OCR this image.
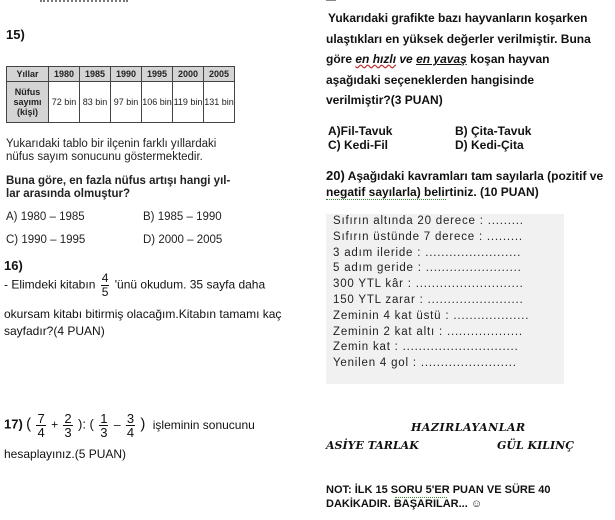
15)
Yıllar	1980	1985	1990	1995	2000	2005
Nüfus sayımı (kişi)	72 bin	83 bin	97 bin	106 bin	119 bin	131 bin
Yukarıdaki tablo bir ilçenin farklı yıllardaki
nüfus sayım sonucunu göstermektedir.
Buna göre, en fazla nüfus artışı hangi yıl-
lar arasında olmuştur?
A) 1980 – 1985	B) 1985 – 1990
C) 1990 – 1995	D) 2000 – 2005
16)
- Elimdeki kitabın $\frac{4}{5}$ 'ünü okudum. 35 sayfa daha
okursam kitabı bitirmiş olacağım.Kitabın tamamı kaç
sayfadır?(4 PUAN)
17) ( $\frac{7}{4} + \frac{2}{3}$ ): ( $\frac{1}{3} - \frac{3}{4}$ ) işleminin sonucunu
hesaplayınız.(5 PUAN)
Yukarıdaki grafikte bazı hayvanların koşarken
ulaştıkları en yüksek değerler verilmiştir. Buna
göre en hızlı ve en yavaş koşan hayvan
aşağıdaki seçeneklerden hangisinde
verilmiştir?(3 PUAN)
A)Fil-Tavuk	B) Çita-Tavuk
C) Kedi-Fil	D) Kedi-Çita
20) Aşağıdaki kavramları tam sayılarla (pozitif ve
negatif sayılarla) belirtiniz. (10 PUAN)
Sıfırın altında 20 derece : .........
Sıfırın üstünde 7 derece : .........
3 adım ileride : ........................
5 adım geride : ........................
300 YTL kâr : ...........................
150 YTL zarar : ........................
Zeminin 4 kat üstü : ...................
Zeminin 2 kat altı : ...................
Zemin kat : .............................
Yenilen 4 gol : ........................
HAZIRLAYANLAR
ASİYE TARLAK	GÜL KILINÇ
NOT: İLK 15 SORU 5'ER PUAN VE SÜRE 40
DAKİKADIR. BAŞARILAR... ☺
